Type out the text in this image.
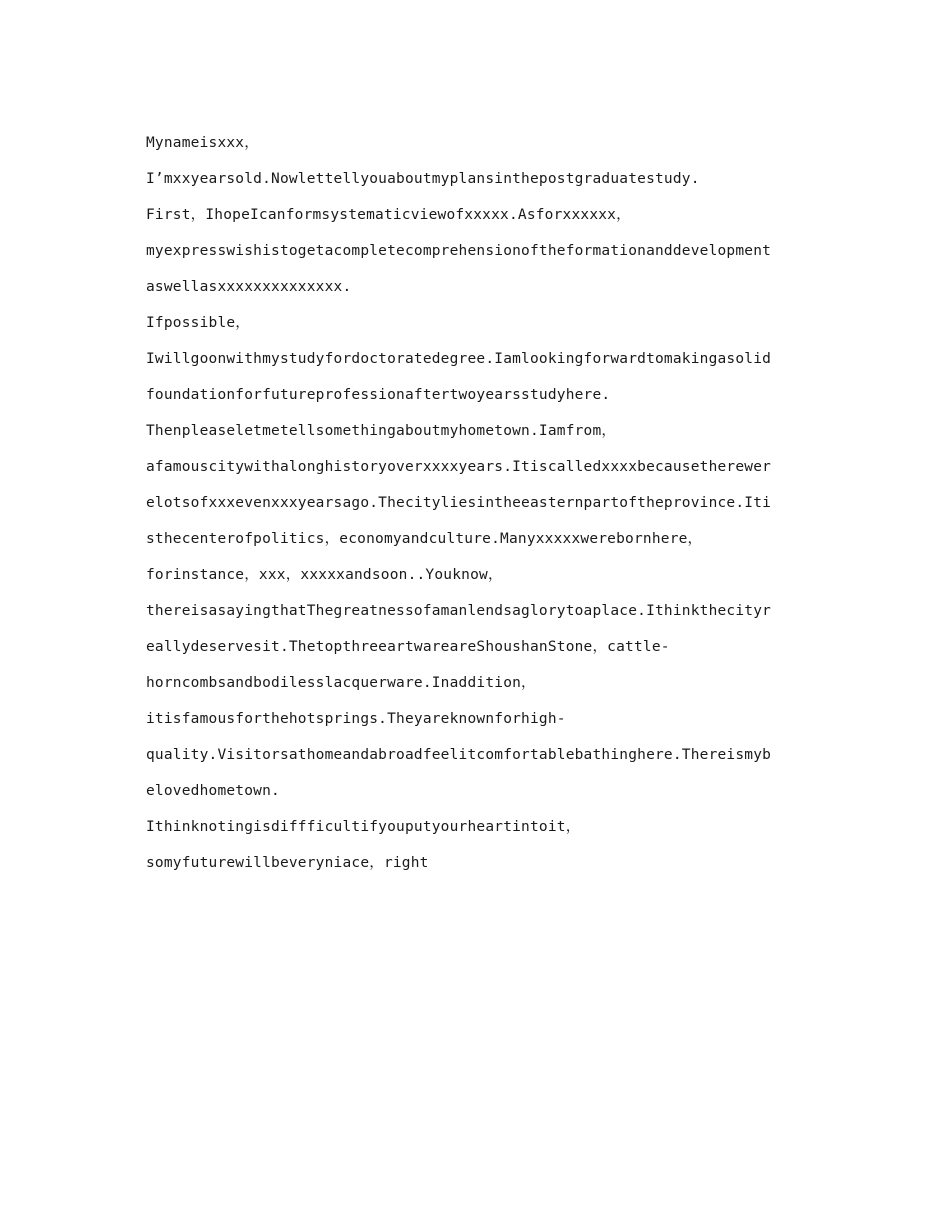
Mynameisxxx，
I’mxxyearsold.Nowlettellyouaboutmyplansinthepostgraduatestudy.
First，IhopeIcanformsystematicviewofxxxxx.Asforxxxxxx，
myexpresswishistogetacompletecomprehensionoftheformationanddevelopment
aswellasxxxxxxxxxxxxxx.
Ifpossible，
Iwillgoonwithmystudyfordoctoratedegree.Iamlookingforwardtomakingasolid
foundationforfutureprofessionaftertwoyearsstudyhere.
Thenpleaseletmetellsomethingaboutmyhometown.Iamfrom，
afamouscitywithalonghistoryoverxxxxyears.Itiscalledxxxxbecausetherewer
elotsofxxxevenxxxyearsago.Thecityliesintheeasternpartoftheprovince.Iti
sthecenterofpolitics，economyandculture.Manyxxxxxwerebornhere，
forinstance，xxx，xxxxxandsoon..Youknow，
thereisasayingthatThegreatnessofamanlendsaglorytoaplace.Ithinkthecityr
eallydeservesit.ThetopthreeartwareareShoushanStone，cattle-
horncombsandbodilesslacquerware.Inaddition，
itisfamousforthehotsprings.Theyareknownforhigh-
quality.Visitorsathomeandabroadfeelitcomfortablebathinghere.Thereismyb
elovedhometown.
Ithinknotingisdiffficultifyouputyourheartintoit，
somyfuturewillbeveryniace，right
